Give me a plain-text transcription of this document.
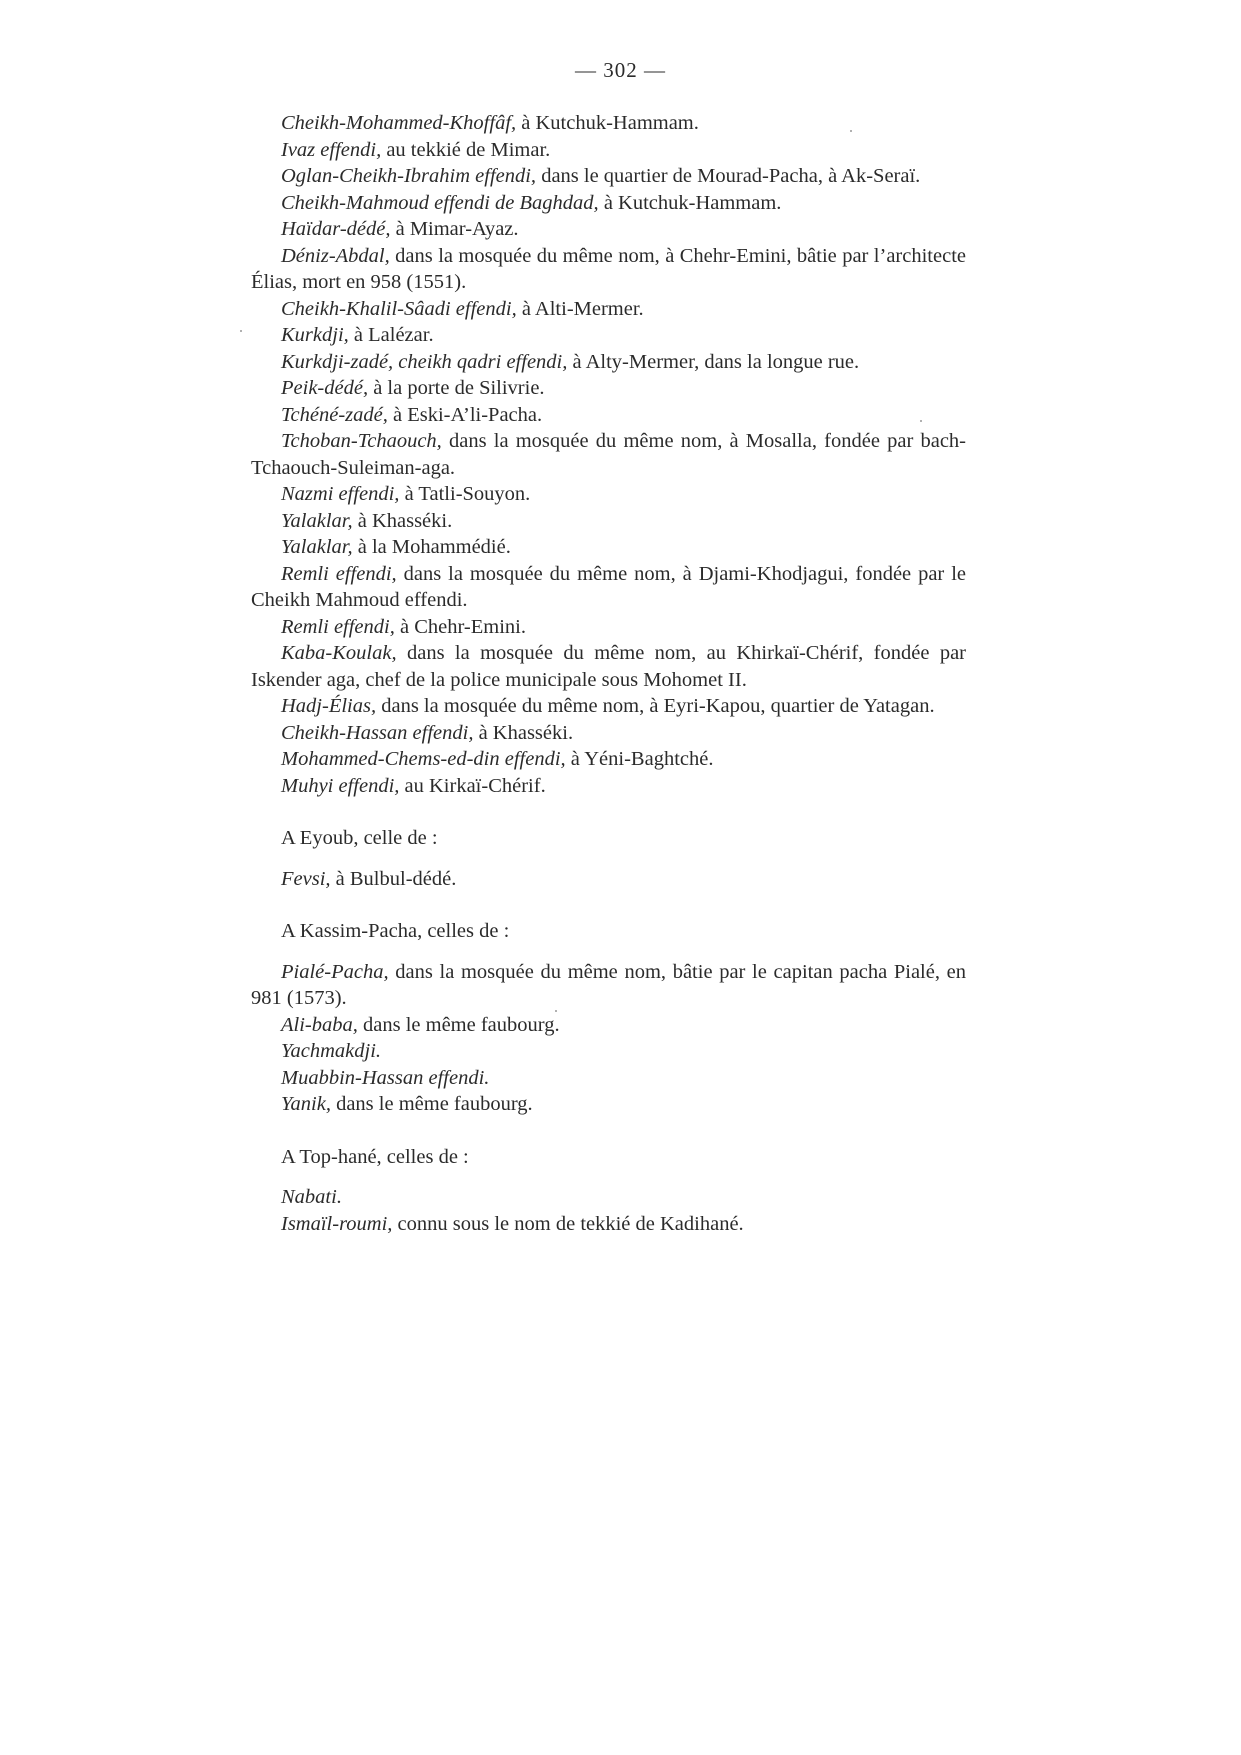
— 302 —

Cheikh-Mohammed-Khoffâf, à Kutchuk-Hammam.

Ivaz effendi, au tekkié de Mimar.

Oglan-Cheikh-Ibrahim effendi, dans le quartier de Mourad-Pacha, à Ak-Seraï.

Cheikh-Mahmoud effendi de Baghdad, à Kutchuk-Hammam.

Haïdar-dédé, à Mimar-Ayaz.

Déniz-Abdal, dans la mosquée du même nom, à Chehr-Emini, bâtie par l’architecte Élias, mort en 958 (1551).

Cheikh-Khalil-Sâadi effendi, à Alti-Mermer.

Kurkdji, à Lalézar.

Kurkdji-zadé, cheikh qadri effendi, à Alty-Mermer, dans la longue rue.

Peik-dédé, à la porte de Silivrie.

Tchéné-zadé, à Eski-A’li-Pacha.

Tchoban-Tchaouch, dans la mosquée du même nom, à Mosalla, fondée par bach-Tchaouch-Suleiman-aga.

Nazmi effendi, à Tatli-Souyon.

Yalaklar, à Khasséki.

Yalaklar, à la Mohammédié.

Remli effendi, dans la mosquée du même nom, à Djami-Khodjagui, fondée par le Cheikh Mahmoud effendi.

Remli effendi, à Chehr-Emini.

Kaba-Koulak, dans la mosquée du même nom, au Khirkaï-Chérif, fondée par Iskender aga, chef de la police municipale sous Mohomet II.

Hadj-Élias, dans la mosquée du même nom, à Eyri-Kapou, quartier de Yatagan.

Cheikh-Hassan effendi, à Khasséki.

Mohammed-Chems-ed-din effendi, à Yéni-Baghtché.

Muhyi effendi, au Kirkaï-Chérif.

A Eyoub, celle de :

Fevsi, à Bulbul-dédé.

A Kassim-Pacha, celles de :

Pialé-Pacha, dans la mosquée du même nom, bâtie par le capitan pacha Pialé, en 981 (1573).

Ali-baba, dans le même faubourg.

Yachmakdji.

Muabbin-Hassan effendi.

Yanik, dans le même faubourg.

A Top-hané, celles de :

Nabati.

Ismaïl-roumi, connu sous le nom de tekkié de Kadihané.
